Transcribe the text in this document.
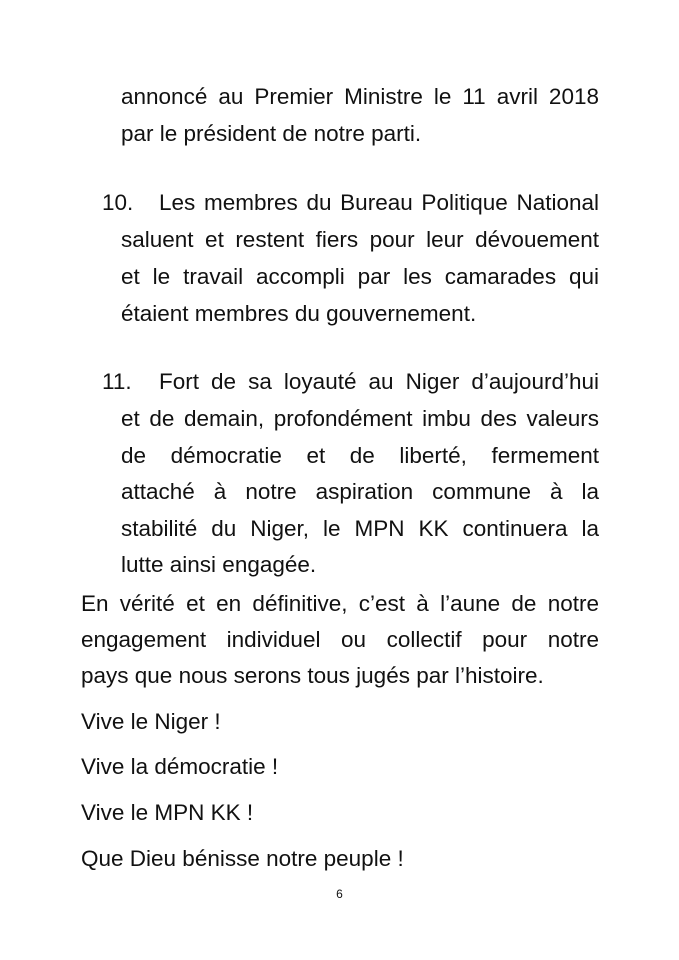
annoncé au Premier Ministre le 11 avril 2018
par le président de notre parti.
10. Les membres du Bureau Politique National
saluent et restent fiers pour leur dévouement
et le travail accompli par les camarades qui
étaient membres du gouvernement.
11. Fort de sa loyauté au Niger d’aujourd’hui
et de demain, profondément imbu des valeurs
de démocratie et de liberté, fermement
attaché à notre aspiration commune à la
stabilité du Niger, le MPN KK continuera la
lutte ainsi engagée.
En vérité et en définitive, c’est à l’aune de notre
engagement individuel ou collectif pour notre
pays que nous serons tous jugés par l’histoire.
Vive le Niger !
Vive la démocratie !
Vive le MPN KK !
Que Dieu bénisse notre peuple !
6
